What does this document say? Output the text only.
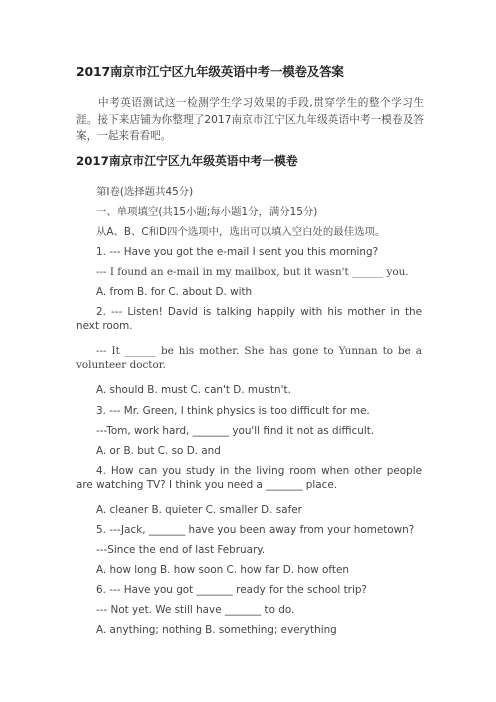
2017南京市江宁区九年级英语中考一模卷及答案
中考英语测试这一检测学生学习效果的手段,贯穿学生的整个学习生涯。接下来店铺为你整理了2017南京市江宁区九年级英语中考一模卷及答案，一起来看看吧。
2017南京市江宁区九年级英语中考一模卷
第Ⅰ卷(选择题共45分)
一、单项填空(共15小题;每小题1分，满分15分)
从A、B、C和D四个选项中，选出可以填入空白处的最佳选项。
1. --- Have you got the e-mail I sent you this morning?
--- I found an e-mail in my mailbox, but it wasn't ______ you.
A. from B. for C. about D. with
2. --- Listen! David is talking happily with his mother in the next room.
--- It ______ be his mother. She has gone to Yunnan to be a volunteer doctor.
A. should B. must C. can't D. mustn't.
3. --- Mr. Green, I think physics is too difficult for me.
---Tom, work hard, _______ you'll find it not as difficult.
A. or B. but C. so D. and
4. How can you study in the living room when other people are watching TV? I think you need a _______ place.
A. cleaner B. quieter C. smaller D. safer
5. ---Jack, _______ have you been away from your hometown?
---Since the end of last February.
A. how long B. how soon C. how far D. how often
6. --- Have you got _______ ready for the school trip?
--- Not yet. We still have _______ to do.
A. anything; nothing B. something; everything
